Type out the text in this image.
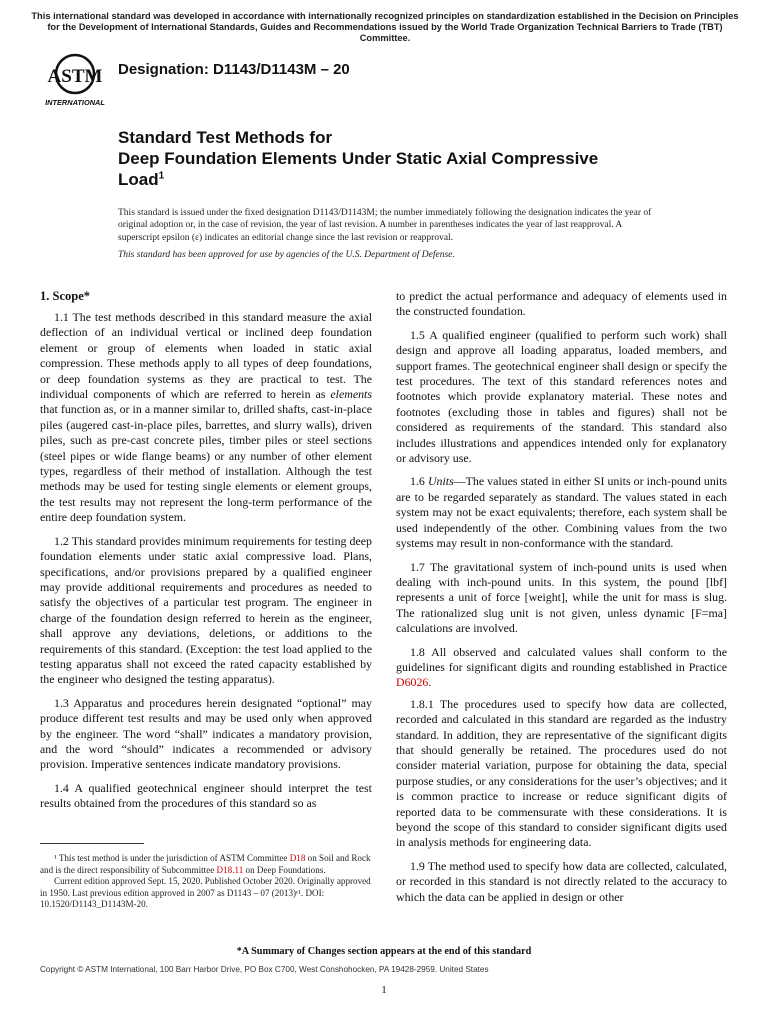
This international standard was developed in accordance with internationally recognized principles on standardization established in the Decision on Principles for the Development of International Standards, Guides and Recommendations issued by the World Trade Organization Technical Barriers to Trade (TBT) Committee.
ASTM
INTERNATIONAL
Designation: D1143/D1143M – 20
Standard Test Methods for
Deep Foundation Elements Under Static Axial Compressive
Load$^1$
This standard is issued under the fixed designation D1143/D1143M; the number immediately following the designation indicates the year of original adoption or, in the case of revision, the year of last revision. A number in parentheses indicates the year of last reapproval. A superscript epsilon (ε) indicates an editorial change since the last revision or reapproval.
This standard has been approved for use by agencies of the U.S. Department of Defense.

1. Scope*

1.1 The test methods described in this standard measure the axial deflection of an individual vertical or inclined deep foundation element or group of elements when loaded in static axial compression. These methods apply to all types of deep foundations, or deep foundation systems as they are practical to test. The individual components of which are referred to herein as elements that function as, or in a manner similar to, drilled shafts, cast-in-place piles (augered cast-in-place piles, barrettes, and slurry walls), driven piles, such as pre-cast concrete piles, timber piles or steel sections (steel pipes or wide flange beams) or any number of other element types, regardless of their method of installation. Although the test methods may be used for testing single elements or element groups, the test results may not represent the long-term performance of the entire deep foundation system.

1.2 This standard provides minimum requirements for testing deep foundation elements under static axial compressive load. Plans, specifications, and/or provisions prepared by a qualified engineer may provide additional requirements and procedures as needed to satisfy the objectives of a particular test program. The engineer in charge of the foundation design referred to herein as the engineer, shall approve any deviations, deletions, or additions to the requirements of this standard. (Exception: the test load applied to the testing apparatus shall not exceed the rated capacity established by the engineer who designed the testing apparatus).

1.3 Apparatus and procedures herein designated “optional” may produce different test results and may be used only when approved by the engineer. The word “shall” indicates a mandatory provision, and the word “should” indicates a recommended or advisory provision. Imperative sentences indicate mandatory provisions.

1.4 A qualified geotechnical engineer should interpret the test results obtained from the procedures of this standard so as

¹ This test method is under the jurisdiction of ASTM Committee D18 on Soil and Rock and is the direct responsibility of Subcommittee D18.11 on Deep Foundations.

Current edition approved Sept. 15, 2020. Published October 2020. Originally approved in 1950. Last previous edition approved in 2007 as D1143 – 07 (2013)ᵋ¹. DOI: 10.1520/D1143_D1143M-20.

to predict the actual performance and adequacy of elements used in the constructed foundation.

1.5 A qualified engineer (qualified to perform such work) shall design and approve all loading apparatus, loaded members, and support frames. The geotechnical engineer shall design or specify the test procedures. The text of this standard references notes and footnotes which provide explanatory material. These notes and footnotes (excluding those in tables and figures) shall not be considered as requirements of the standard. This standard also includes illustrations and appendices intended only for explanatory or advisory use.

1.6 Units—The values stated in either SI units or inch-pound units are to be regarded separately as standard. The values stated in each system may not be exact equivalents; therefore, each system shall be used independently of the other. Combining values from the two systems may result in non-conformance with the standard.

1.7 The gravitational system of inch-pound units is used when dealing with inch-pound units. In this system, the pound [lbf] represents a unit of force [weight], while the unit for mass is slug. The rationalized slug unit is not given, unless dynamic [F=ma] calculations are involved.

1.8 All observed and calculated values shall conform to the guidelines for significant digits and rounding established in Practice D6026.

1.8.1 The procedures used to specify how data are collected, recorded and calculated in this standard are regarded as the industry standard. In addition, they are representative of the significant digits that should generally be retained. The procedures used do not consider material variation, purpose for obtaining the data, special purpose studies, or any considerations for the user’s objectives; and it is common practice to increase or reduce significant digits of reported data to be commensurate with these considerations. It is beyond the scope of this standard to consider significant digits used in analysis methods for engineering data.

1.9 The method used to specify how data are collected, calculated, or recorded in this standard is not directly related to the accuracy to which the data can be applied in design or other

*A Summary of Changes section appears at the end of this standard
Copyright © ASTM International, 100 Barr Harbor Drive, PO Box C700, West Conshohocken, PA 19428-2959. United States
1
